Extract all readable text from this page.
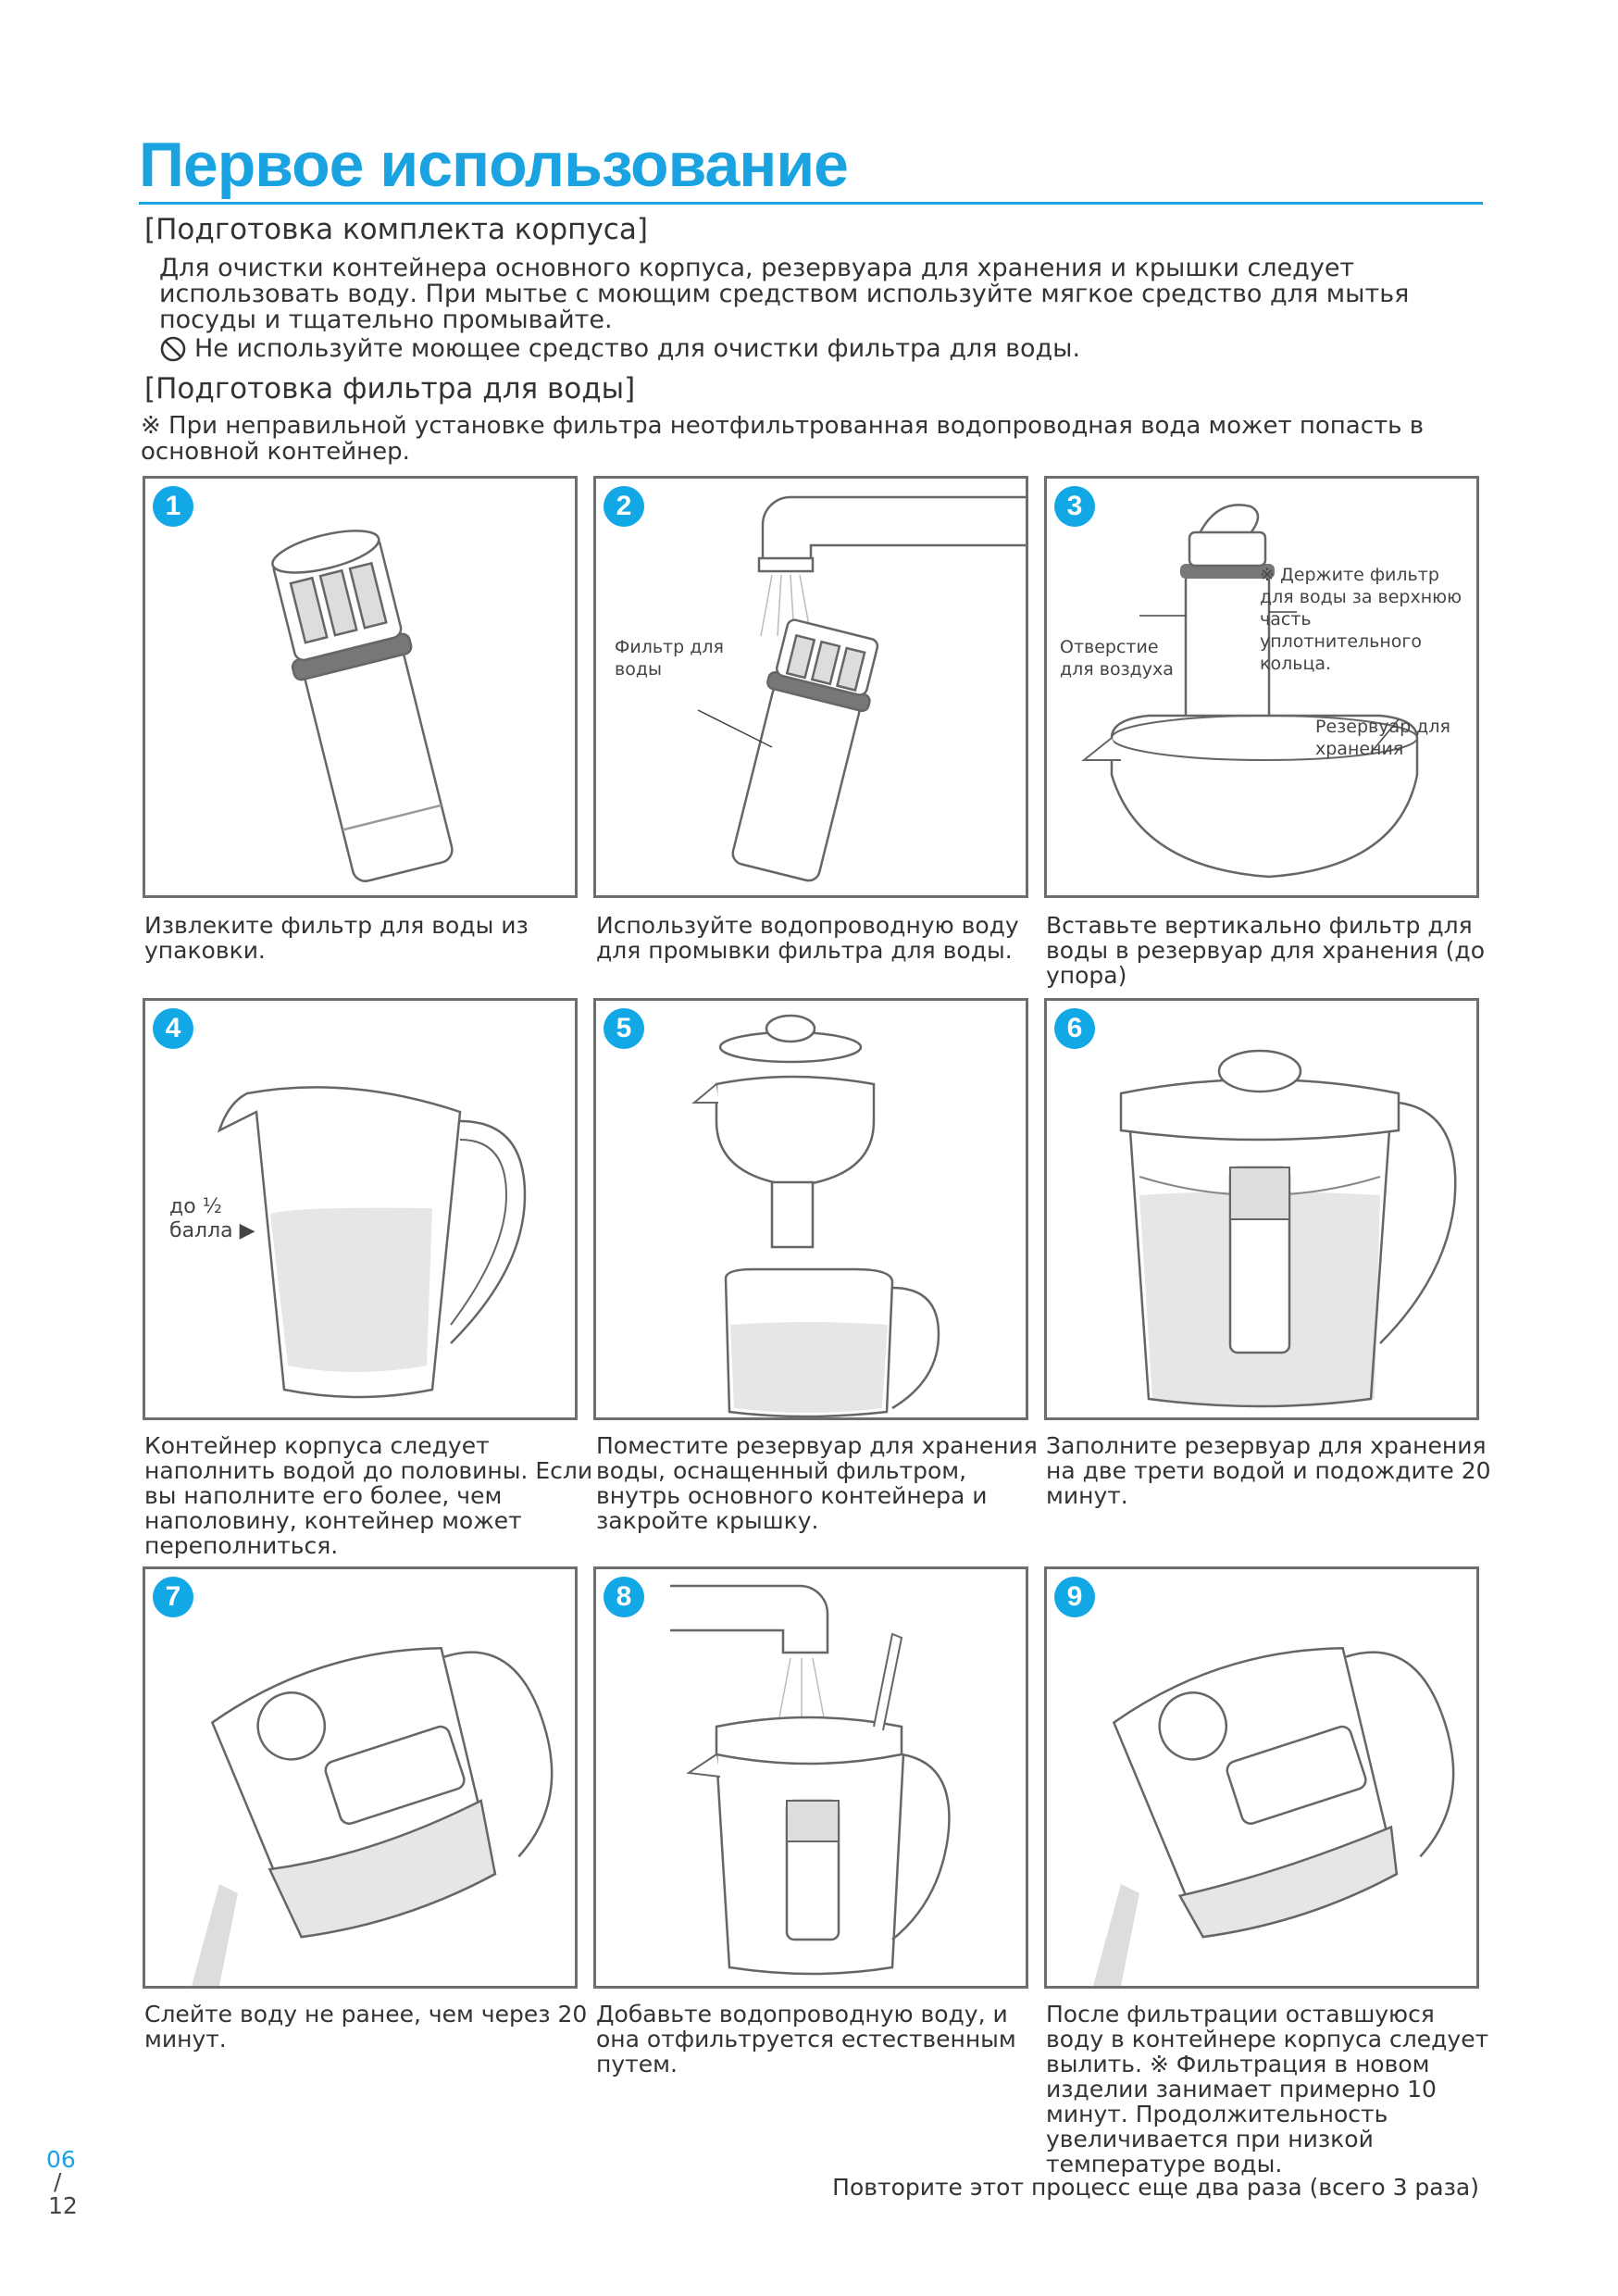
Первое использование
[Подготовка комплекта корпуса]

Для очистки контейнера основного корпуса, резервуара для хранения и крышки следует использовать воду. При мытье с моющим средством используйте мягкое средство для мытья посуды и тщательно промывайте.

Не используйте моющее средство для очистки фильтра для воды.
[Подготовка фильтра для воды]

※ При неправильной установке фильтра неотфильтрованная водопроводная вода может попасть в основной контейнер.

1
Фильтр для воды
2
Отверстие для воздуха
※ Держите фильтр для воды за верхнюю часть уплотнительного кольца.
Резервуар для хранения
3

Извлеките фильтр для воды из упаковки.

Используйте водопроводную воду для промывки фильтра для воды.

Вставьте вертикально фильтр для воды в резервуар для хранения (до упора)

до ½ балла ▶
4	5	6

Контейнер корпуса следует наполнить водой до половины. Если вы наполните его более, чем наполовину, контейнер может переполниться.

Поместите резервуар для хранения воды, оснащенный фильтром, внутрь основного контейнера и закройте крышку.

Заполните резервуар для хранения на две трети водой и подождите 20 минут.

7	8	9

Слейте воду не ранее, чем через 20 минут.

Добавьте водопроводную воду, и она отфильтруется естественным путем.

После фильтрации оставшуюся воду в контейнере корпуса следует вылить. ※ Фильтрация в новом изделии занимает примерно 10 минут. Продолжительность увеличивается при низкой температуре воды.

Повторите этот процесс еще два раза (всего 3 раза)
06
/
12
